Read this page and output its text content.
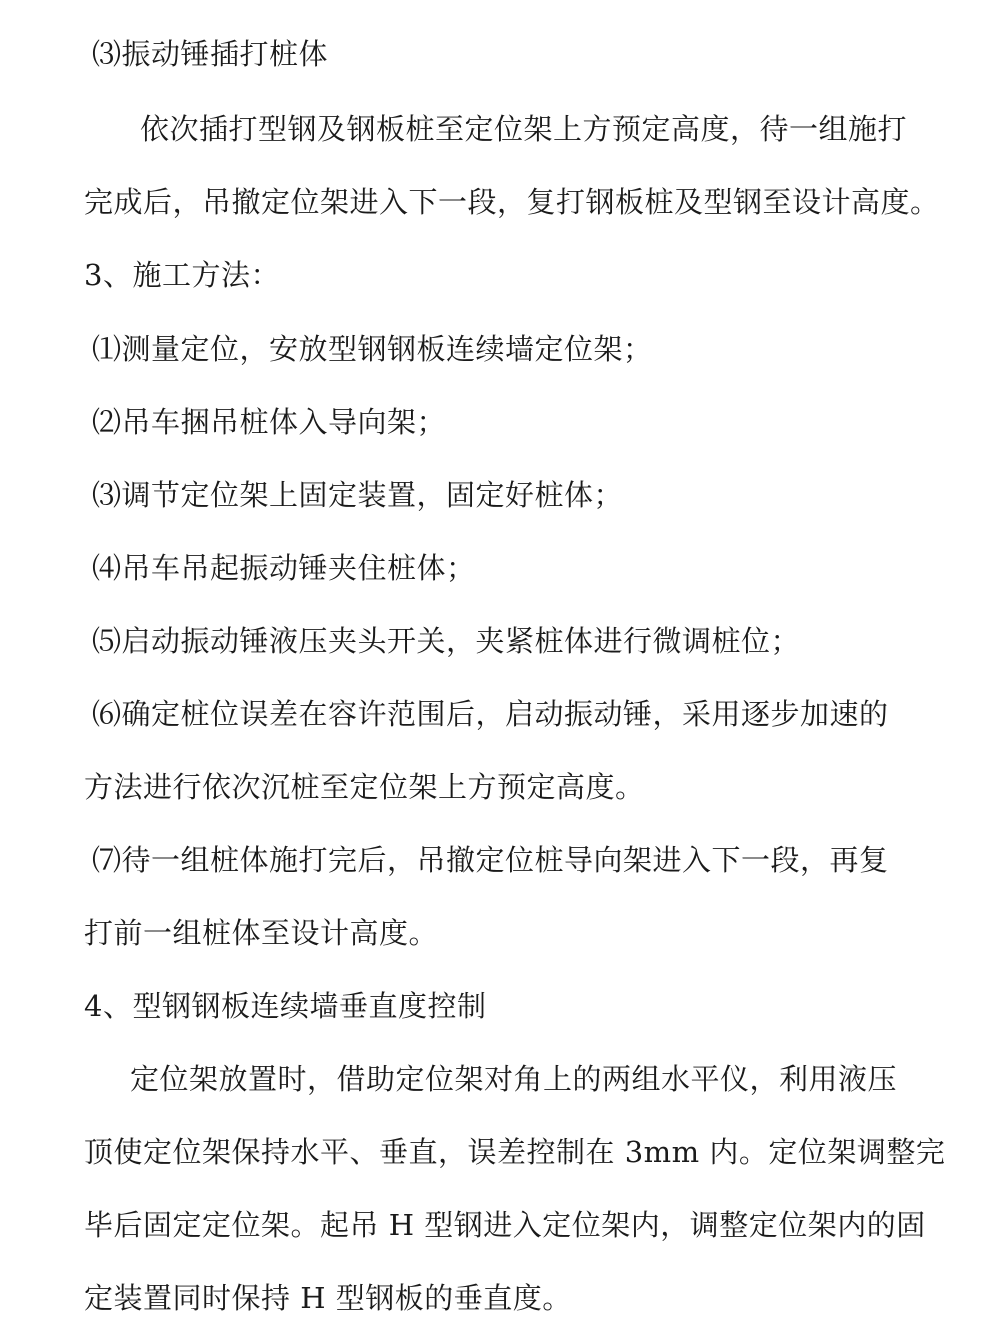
⑶振动锤插打桩体
依次插打型钢及钢板桩至定位架上方预定高度，待一组施打
完成后，吊撤定位架进入下一段，复打钢板桩及型钢至设计高度。
3、施工方法：
⑴测量定位，安放型钢钢板连续墙定位架；
⑵吊车捆吊桩体入导向架；
⑶调节定位架上固定装置，固定好桩体；
⑷吊车吊起振动锤夹住桩体；
⑸启动振动锤液压夹头开关，夹紧桩体进行微调桩位；
⑹确定桩位误差在容许范围后，启动振动锤，采用逐步加速的
方法进行依次沉桩至定位架上方预定高度。
⑺待一组桩体施打完后，吊撤定位桩导向架进入下一段，再复
打前一组桩体至设计高度。
4、型钢钢板连续墙垂直度控制
定位架放置时，借助定位架对角上的两组水平仪，利用液压
顶使定位架保持水平、垂直，误差控制在 3mm 内。定位架调整完
毕后固定定位架。起吊 H 型钢进入定位架内，调整定位架内的固
定装置同时保持 H 型钢板的垂直度。
